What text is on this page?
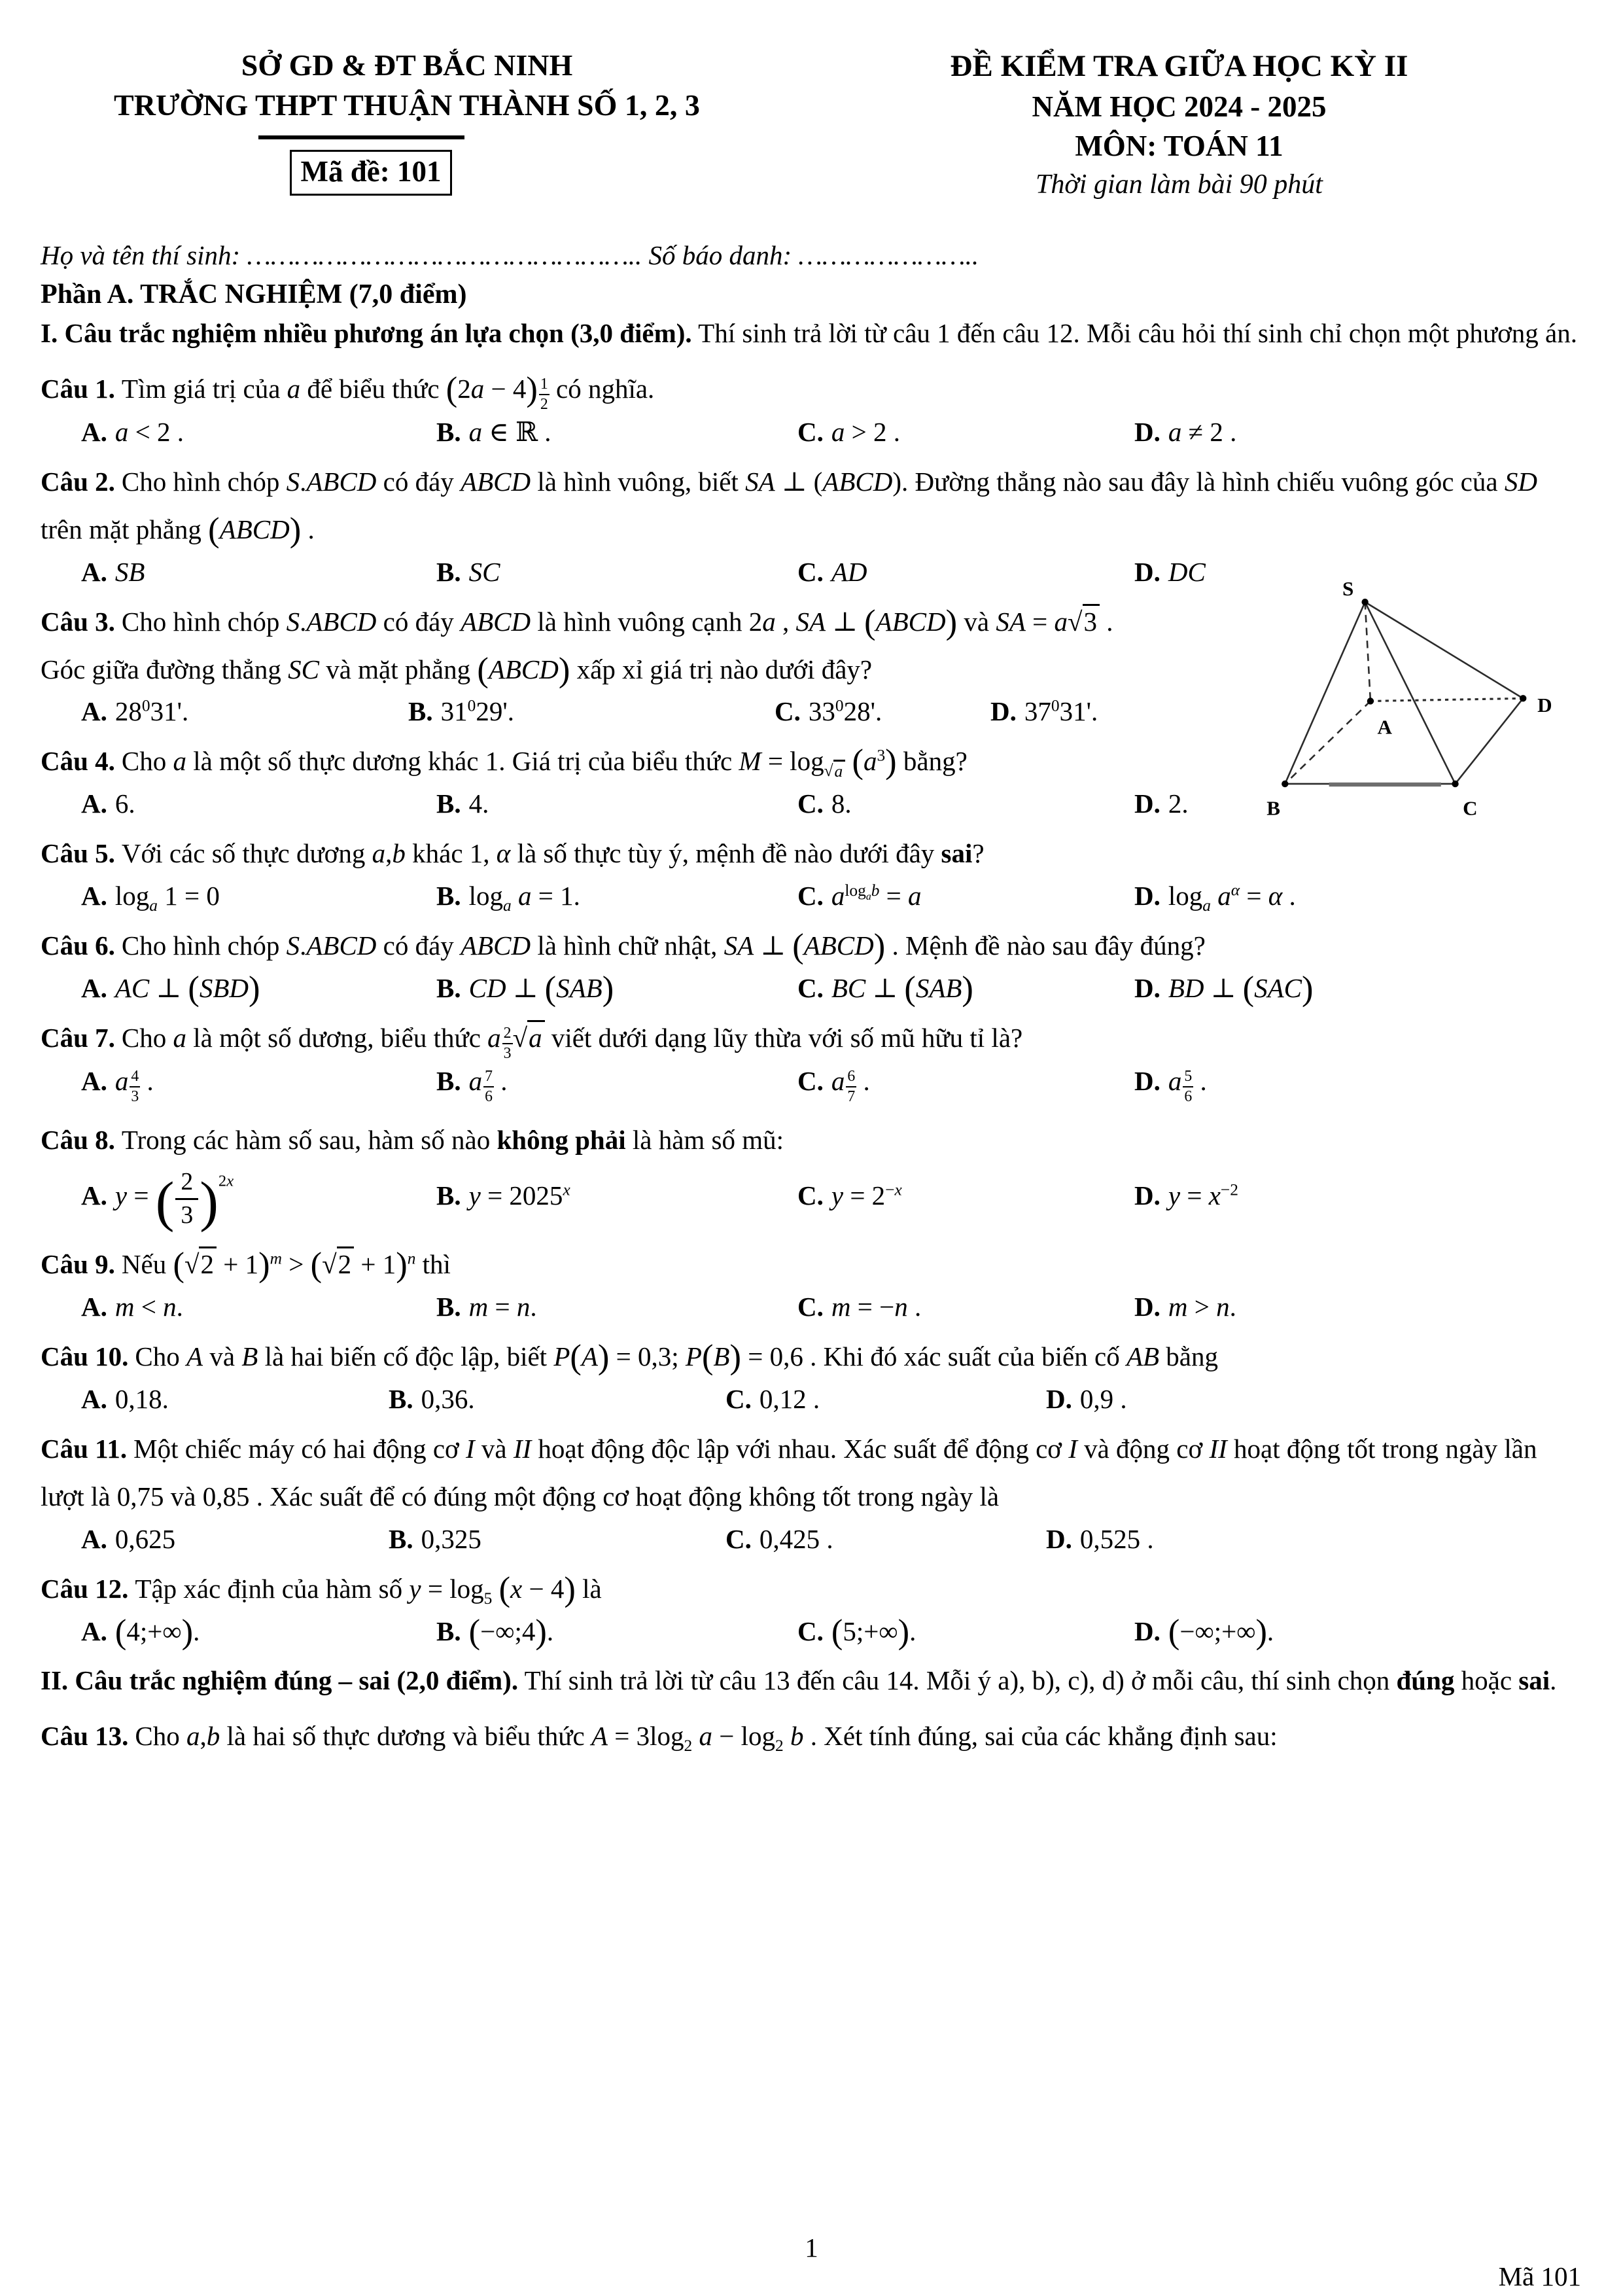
SỞ GD & ĐT BẮC NINH
TRƯỜNG THPT THUẬN THÀNH SỐ 1, 2, 3
Mã đề: 101
ĐỀ KIỂM TRA GIỮA HỌC KỲ II
NĂM HỌC 2024 - 2025
MÔN: TOÁN 11
Thời gian làm bài 90 phút
Họ và tên thí sinh: ………………………………………….. Số báo danh: …………………..
Phần A. TRẮC NGHIỆM (7,0 điểm)
I. Câu trắc nghiệm nhiều phương án lựa chọn (3,0 điểm). Thí sinh trả lời từ câu 1 đến câu 12. Mỗi câu hỏi thí sinh chỉ chọn một phương án.
Câu 1. Tìm giá trị của a để biểu thức (2a − 4) $^{\frac{1}{2}}$ có nghĩa.
A. a < 2 .	B. a ∈ ℝ .	C. a > 2 .	D. a ≠ 2 .
Câu 2. Cho hình chóp S.ABCD có đáy ABCD là hình vuông, biết SA ⊥ (ABCD). Đường thẳng nào sau đây là hình chiếu vuông góc của SD trên mặt phẳng (ABCD) .
A. SB	B. SC	C. AD	D. DC
Câu 3. Cho hình chóp S.ABCD có đáy ABCD là hình vuông cạnh 2a , SA ⊥ (ABCD) và SA = a√3 . Góc giữa đường thẳng SC và mặt phẳng (ABCD) xấp xỉ giá trị nào dưới đây?
A. $28^031'$.	B. $31^029'$.	C. $33^028'$.	D. $37^031'$.
S
A
B	C
D
Câu 4. Cho a là một số thực dương khác 1. Giá trị của biểu thức $M = \log_{√a} (a^3)$ bằng?
A. 6.	B. 4.	C. 8.	D. 2.
Câu 5. Với các số thực dương a,b khác 1, α là số thực tùy ý, mệnh đề nào dưới đây sai?
A. $\log_a 1 = 0$	B. $\log_a a = 1$.	C. $a^{log_ab} = a$	D. $\log_a a^\alpha = \alpha$ .
Câu 6. Cho hình chóp S.ABCD có đáy ABCD là hình chữ nhật, SA ⊥ (ABCD) . Mệnh đề nào sau đây đúng?
A. AC ⊥ (SBD)	B. CD ⊥ (SAB)	C. BC ⊥ (SAB)	D. BD ⊥ (SAC)
Câu 7. Cho a là một số dương, biểu thức a $^{\frac{2}{3}}$ √a viết dưới dạng lũy thừa với số mũ hữu tỉ là?
A. a $^{\frac{4}{3}}$ .	B. a $^{\frac{7}{6}}$ .	C. a $^{\frac{6}{7}}$ .	D. a $^{\frac{5}{6}}$ .
Câu 8. Trong các hàm số sau, hàm số nào không phải là hàm số mũ:
A. y = ( $\frac{2}{3} )^{2x}$	B. $y = 2025^x$	C. $y = 2^{-x}$	D. $y = x^{-2}$
Câu 9. Nếu $(√2 + 1)^m > (√2 + 1)^n$ thì
A. m < n.	B. m = n.	C. m = −n .	D. m > n.
Câu 10. Cho A và B là hai biến cố độc lập, biết P(A) = 0,3; P(B) = 0,6 . Khi đó xác suất của biến cố AB bằng
A. 0,18.	B. 0,36.	C. 0,12 .	D. 0,9 .
Câu 11. Một chiếc máy có hai động cơ I và II hoạt động độc lập với nhau. Xác suất để động cơ I và động cơ II hoạt động tốt trong ngày lần lượt là 0,75 và 0,85 . Xác suất để có đúng một động cơ hoạt động không tốt trong ngày là
A. 0,625	B. 0,325	C. 0,425 .	D. 0,525 .
Câu 12. Tập xác định của hàm số $y = \log_5 (x - 4)$ là
A. (4;+∞).	B. (−∞;4).	C. (5;+∞).	D. (−∞;+∞).
II. Câu trắc nghiệm đúng – sai (2,0 điểm). Thí sinh trả lời từ câu 13 đến câu 14. Mỗi ý a), b), c), d) ở mỗi câu, thí sinh chọn đúng hoặc sai.
Câu 13. Cho a,b là hai số thực dương và biểu thức $A = 3\log_2$ $a - \log_2 b$ . Xét tính đúng, sai của các khẳng định sau:
1
Mã 101
